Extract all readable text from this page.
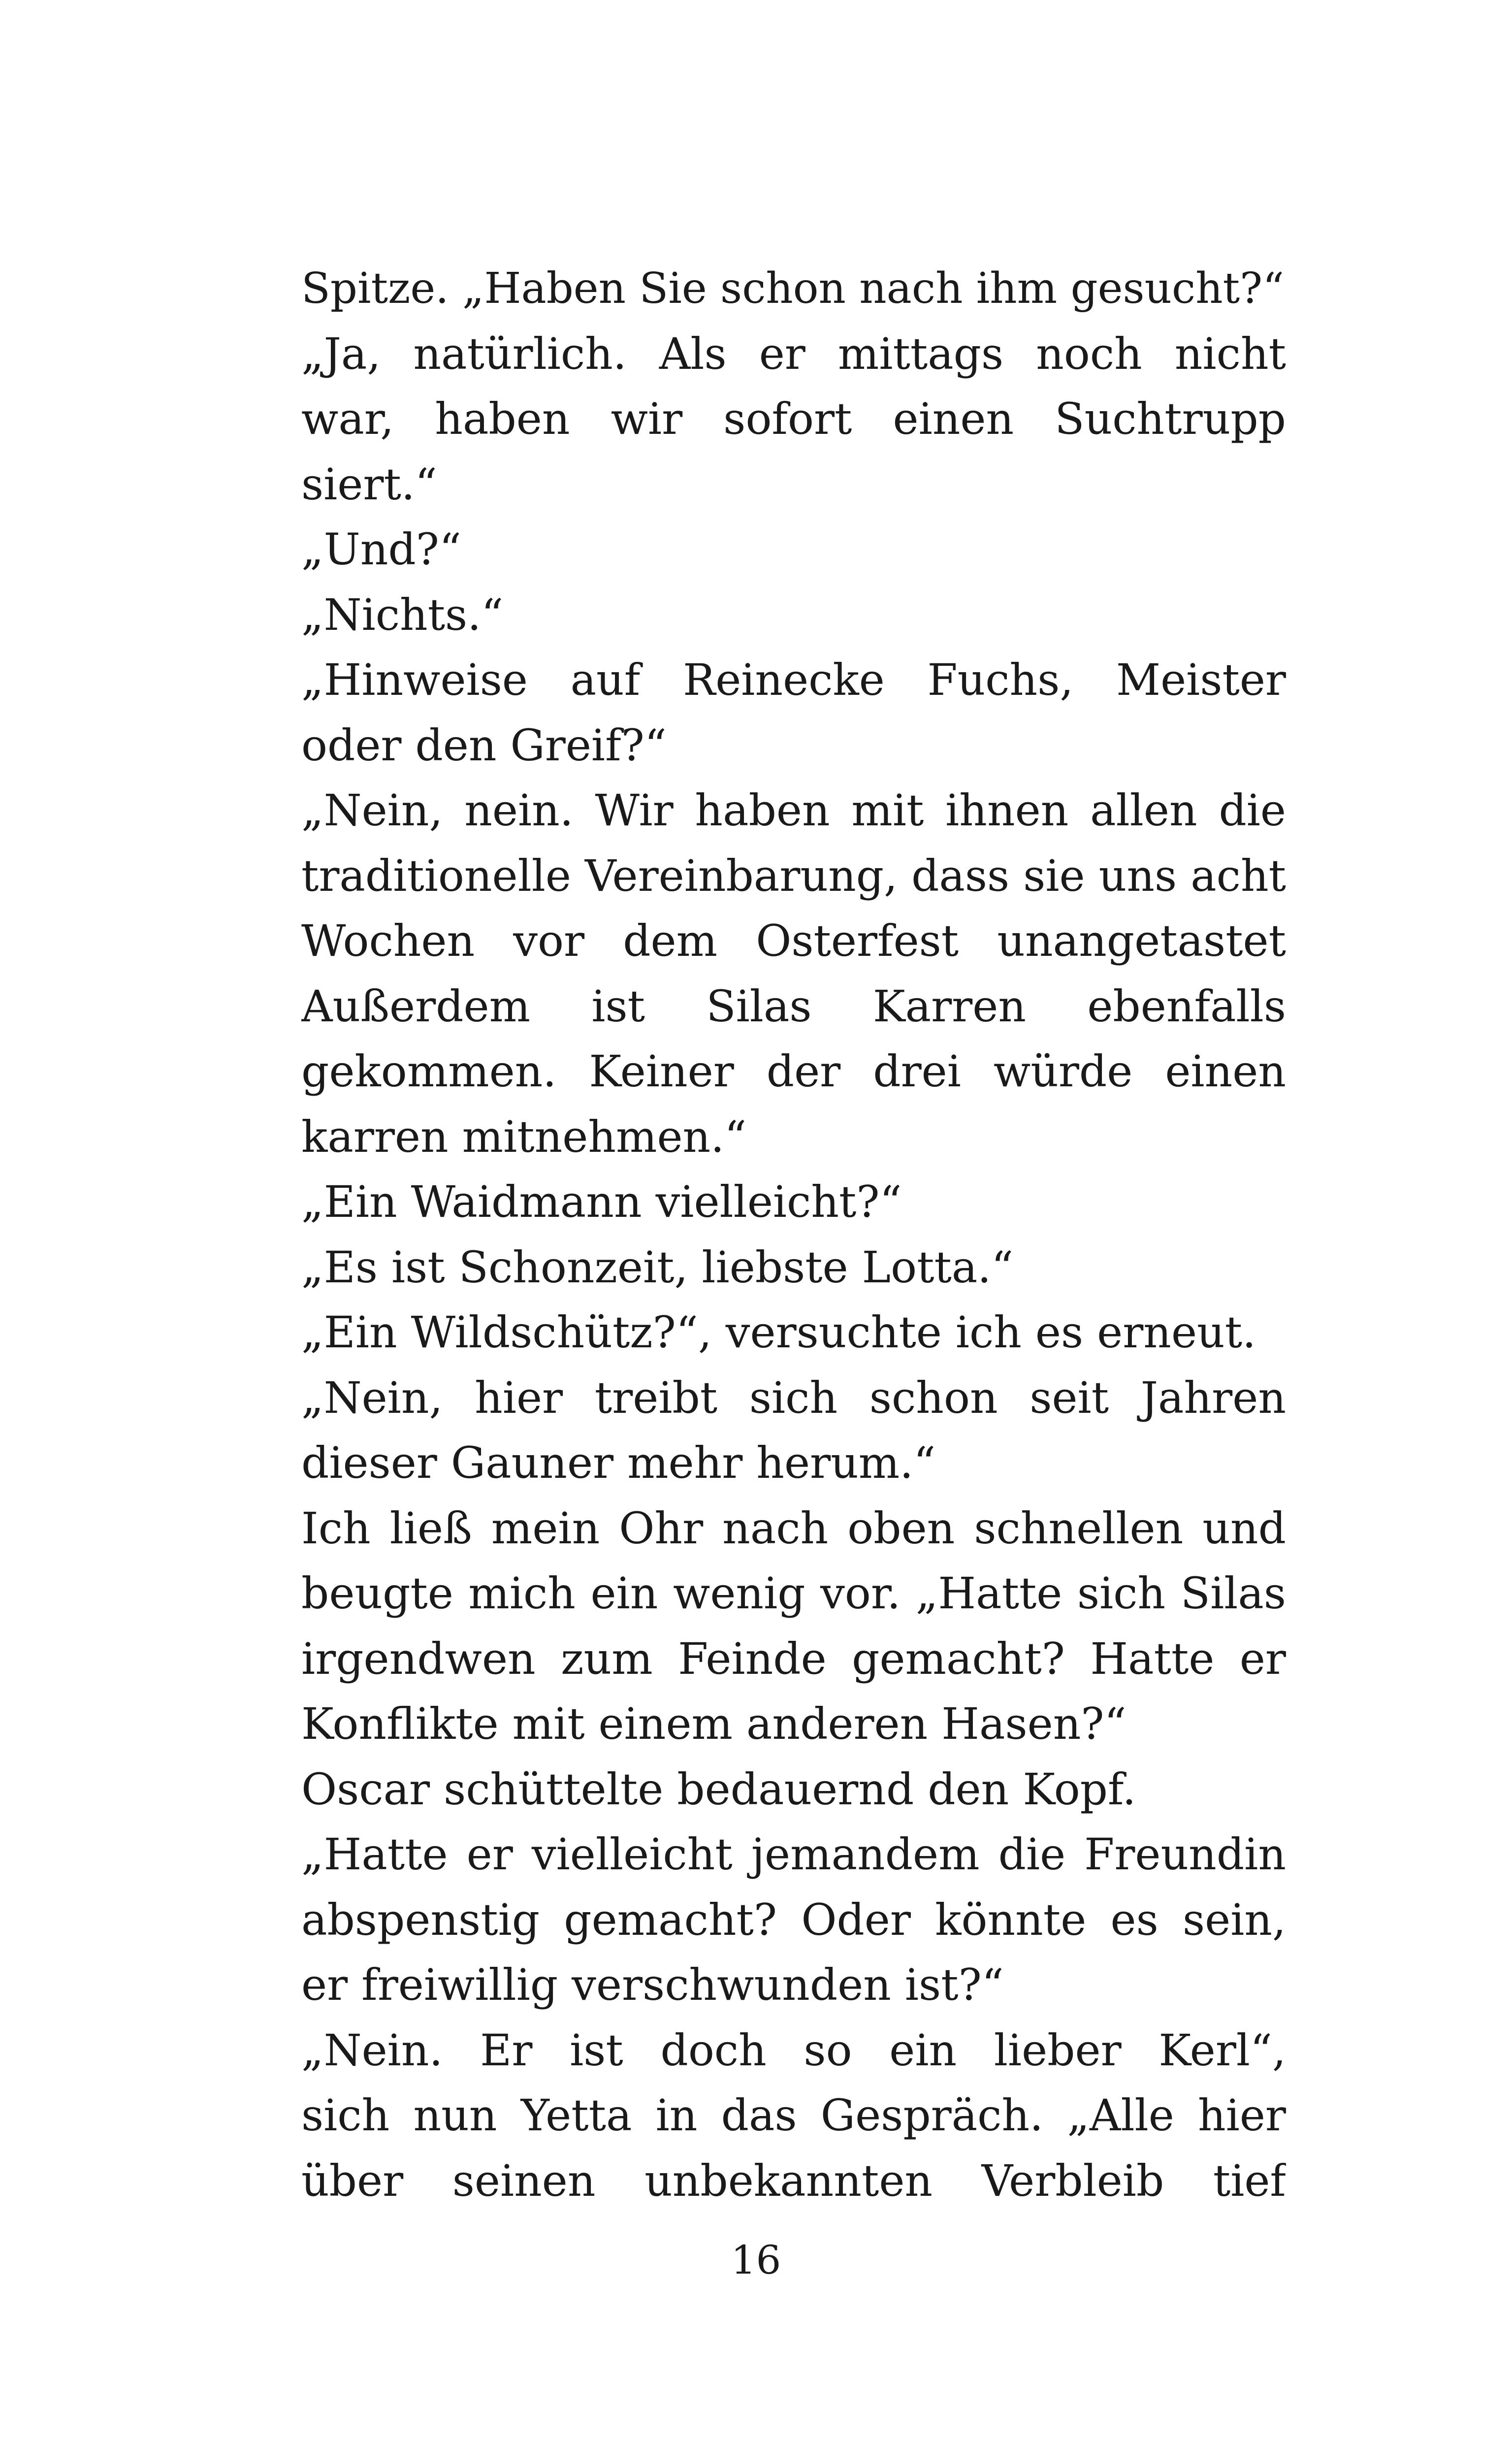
Spitze. „Haben Sie schon nach ihm gesucht?“
„Ja, natürlich. Als er mittags noch nicht
war, haben wir sofort einen Suchtrupp
siert.“
„Und?“
„Nichts.“
„Hinweise auf Reinecke Fuchs, Meister
oder den Greif?“
„Nein, nein. Wir haben mit ihnen allen die
traditionelle Vereinbarung, dass sie uns acht
Wochen vor dem Osterfest unangetastet
Außerdem ist Silas Karren ebenfalls
gekommen. Keiner der drei würde einen
karren mitnehmen.“
„Ein Waidmann vielleicht?“
„Es ist Schonzeit, liebste Lotta.“
„Ein Wildschütz?“, versuchte ich es erneut.
„Nein, hier treibt sich schon seit Jahren
dieser Gauner mehr herum.“
Ich ließ mein Ohr nach oben schnellen und
beugte mich ein wenig vor. „Hatte sich Silas
irgendwen zum Feinde gemacht? Hatte er
Konflikte mit einem anderen Hasen?“
Oscar schüttelte bedauernd den Kopf.
„Hatte er vielleicht jemandem die Freundin
abspenstig gemacht? Oder könnte es sein,
er freiwillig verschwunden ist?“
„Nein. Er ist doch so ein lieber Kerl“,
sich nun Yetta in das Gespräch. „Alle hier
über seinen unbekannten Verbleib tief
16
